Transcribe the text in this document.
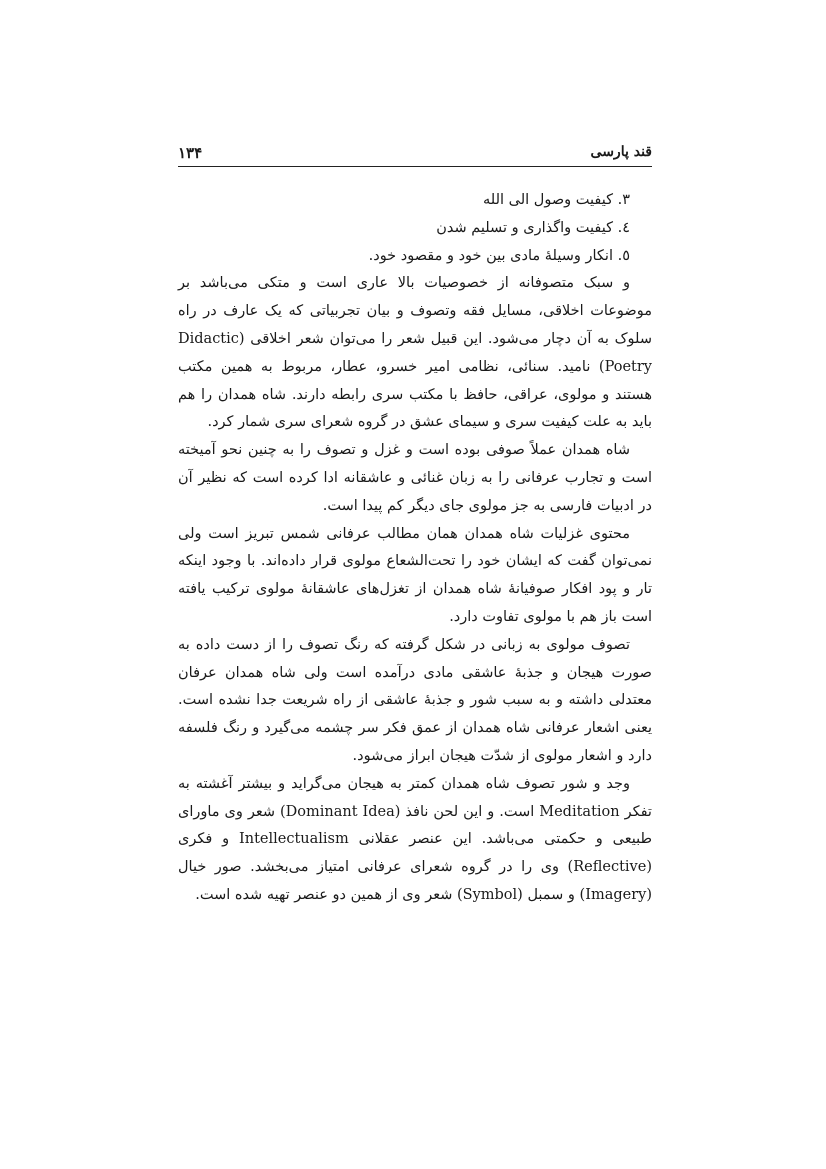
قند پارسی
۱۳۴

۳. کیفیت وصول الی الله

٤. کیفیت واگذاری و تسلیم شدن

٥. انکار وسیلهٔ مادی بین خود و مقصود خود.

و سبک متصوفانه از خصوصیات بالا عاری است و متکی می‌باشد بر موضوعات اخلاقی، مسایل فقه وتصوف و بیان تجربیاتی که یک عارف در راه سلوک به آن دچار می‌شود. این قبیل شعر را می‌توان شعر اخلاقی (Didactic Poetry) نامید. سنائی، نظامی امیر خسرو، عطار، مربوط به همین مکتب هستند و مولوی، عراقی، حافظ با مکتب سری رابطه دارند. شاه همدان را هم باید به علت کیفیت سری و سیمای عشق در گروه شعرای سری شمار کرد.

شاه همدان عملاً صوفی بوده است و غزل و تصوف را به چنین نحو آمیخته است و تجارب عرفانی را به زبان غنائی و عاشقانه ادا کرده است که نظیر آن در ادبیات فارسی به جز مولوی جای دیگر کم پیدا است.

محتوی غزلیات شاه همدان همان مطالب عرفانی شمس تبریز است ولی نمی‌توان گفت که ایشان خود را تحت‌الشعاع مولوی قرار داده‌اند. با وجود اینکه تار و پود افکار صوفیانهٔ شاه همدان از تغزل‌های عاشقانهٔ مولوی ترکیب یافته است باز هم با مولوی تفاوت دارد.

تصوف مولوی به زبانی در شکل گرفته که رنگ تصوف را از دست داده به صورت هیجان و جذبهٔ عاشقی مادی درآمده است ولی شاه همدان عرفان معتدلی داشته و به سبب شور و جذبهٔ عاشقی از راه شریعت جدا نشده است. یعنی اشعار عرفانی شاه همدان از عمق فکر سر چشمه می‌گیرد و رنگ فلسفه دارد و اشعار مولوی از شدّت هیجان ابراز می‌شود.

وجد و شور تصوف شاه همدان کمتر به هیجان می‌گراید و بیشتر آغشته به تفکر Meditation است. و این لحن نافذ (Dominant Idea) شعر وی ماورای طبیعی و حکمتی می‌باشد. این عنصر عقلانی Intellectualism و فکری (Reflective) وی را در گروه شعرای عرفانی امتیاز می‌بخشد. صور خیال (Imagery) و سمبل (Symbol) شعر وی از همین دو عنصر تهیه شده است.
